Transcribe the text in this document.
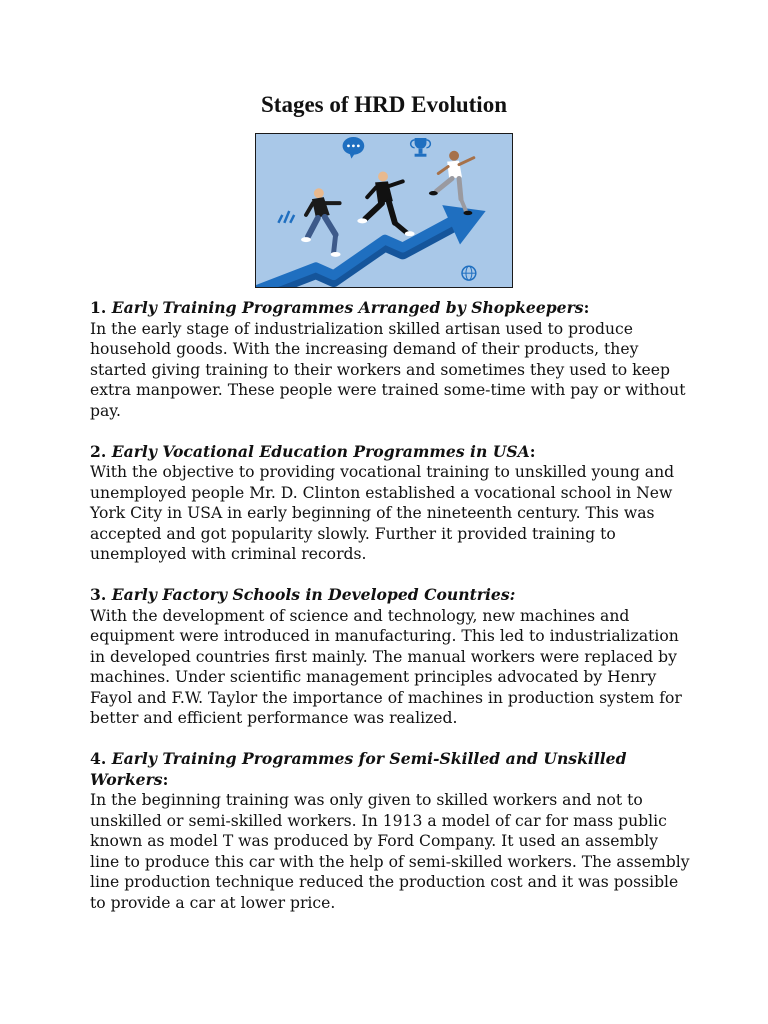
Stages of HRD Evolution

1. Early Training Programmes Arranged by Shopkeepers:

In the early stage of industrialization skilled artisan used to produce household goods. With the increasing demand of their products, they started giving training to their workers and sometimes they used to keep extra manpower. These people were trained some-time with pay or without pay.

2. Early Vocational Education Programmes in USA:

With the objective to providing vocational training to unskilled young and unemployed people Mr. D. Clinton established a vocational school in New York City in USA in early beginning of the nineteenth century. This was accepted and got popularity slowly. Further it provided training to unemployed with criminal records.

3. Early Factory Schools in Developed Countries:

With the development of science and technology, new machines and equipment were introduced in manufacturing. This led to industrialization in developed countries first mainly. The manual workers were replaced by machines. Under scientific management principles advocated by Henry Fayol and F.W. Taylor the importance of machines in production system for better and efficient performance was realized.

4. Early Training Programmes for Semi-Skilled and Unskilled Workers:

In the beginning training was only given to skilled workers and not to unskilled or semi-skilled workers. In 1913 a model of car for mass public known as model T was produced by Ford Company. It used an assembly line to produce this car with the help of semi-skilled workers. The assembly line production technique reduced the production cost and it was possible to provide a car at lower price.
